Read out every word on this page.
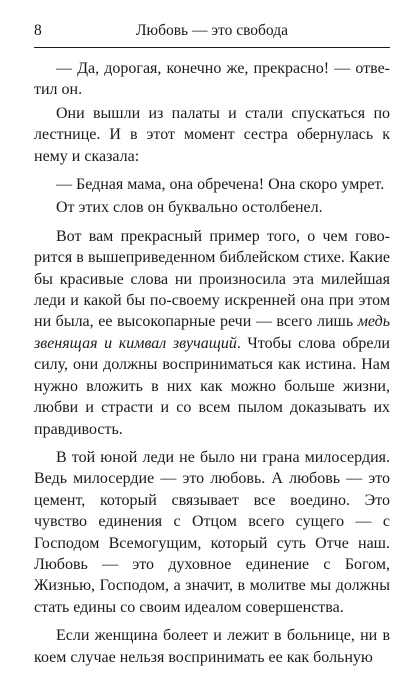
8	Любовь — это свобода

— Да, дорогая, конечно же, прекрасно! — ответил он.

Они вышли из палаты и стали спускаться по лестнице. И в этот момент сестра обернулась к нему и сказала:

— Бедная мама, она обречена! Она скоро умрет.

От этих слов он буквально остолбенел.

Вот вам прекрасный пример того, о чем говорится в вышеприведенном библейском стихе. Какие бы красивые слова ни произносила эта милейшая леди и какой бы по-своему искренней она при этом ни была, ее высокопарные речи — всего лишь медь звенящая и кимвал звучащий. Чтобы слова обрели силу, они должны восприниматься как истина. Нам нужно вложить в них как можно больше жизни, любви и страсти и со всем пылом доказывать их правдивость.

В той юной леди не было ни грана милосердия. Ведь милосердие — это любовь. А любовь — это цемент, который связывает все воедино. Это чувство единения с Отцом всего сущего — с Господом Всемогущим, который суть Отче наш. Любовь — это духовное единение с Богом, Жизнью, Господом, а значит, в молитве мы должны стать едины со своим идеалом совершенства.

Если женщина болеет и лежит в больнице, ни в коем случае нельзя воспринимать ее как больную
